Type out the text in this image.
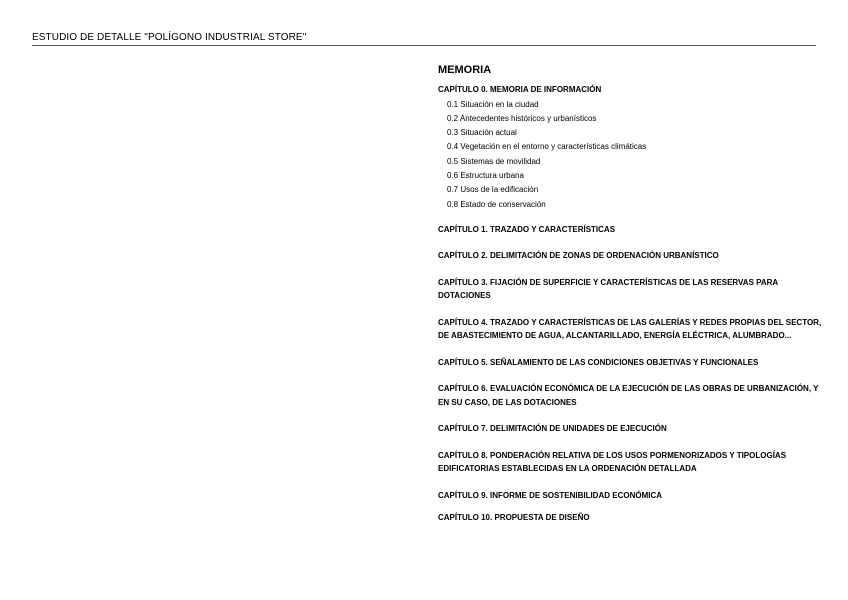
ESTUDIO DE DETALLE "POLÍGONO INDUSTRIAL STORE"
MEMORIA
CAPÍTULO 0. MEMORIA DE INFORMACIÓN
0.1 Situación en la ciudad
0.2 Antecedentes históricos y urbanísticos
0.3 Situación actual
0.4 Vegetación en el entorno y características climáticas
0.5 Sistemas de movilidad
0.6 Estructura urbana
0.7 Usos de la edificación
0.8 Estado de conservación
CAPÍTULO 1. TRAZADO Y CARACTERÍSTICAS
CAPÍTULO 2. DELIMITACIÓN DE ZONAS DE ORDENACIÓN URBANÍSTICO
CAPÍTULO 3. FIJACIÓN DE SUPERFICIE Y CARACTERÍSTICAS DE LAS RESERVAS PARA DOTACIONES
CAPÍTULO 4. TRAZADO Y CARACTERÍSTICAS DE LAS GALERÍAS Y REDES PROPIAS DEL SECTOR, DE ABASTECIMIENTO DE AGUA, ALCANTARILLADO, ENERGÍA ELÉCTRICA, ALUMBRADO...
CAPÍTULO 5. SEÑALAMIENTO DE LAS CONDICIONES OBJETIVAS Y FUNCIONALES
CAPÍTULO 6. EVALUACIÓN ECONÓMICA DE LA EJECUCIÓN DE LAS OBRAS DE URBANIZACIÓN, Y EN SU CASO, DE LAS DOTACIONES
CAPÍTULO 7. DELIMITACIÓN DE UNIDADES DE EJECUCIÓN
CAPÍTULO 8. PONDERACIÓN RELATIVA DE LOS USOS PORMENORIZADOS Y TIPOLOGÍAS EDIFICATORIAS ESTABLECIDAS EN LA ORDENACIÓN DETALLADA
CAPÍTULO 9. INFORME DE SOSTENIBILIDAD ECONÓMICA
CAPÍTULO 10. PROPUESTA DE DISEÑO
